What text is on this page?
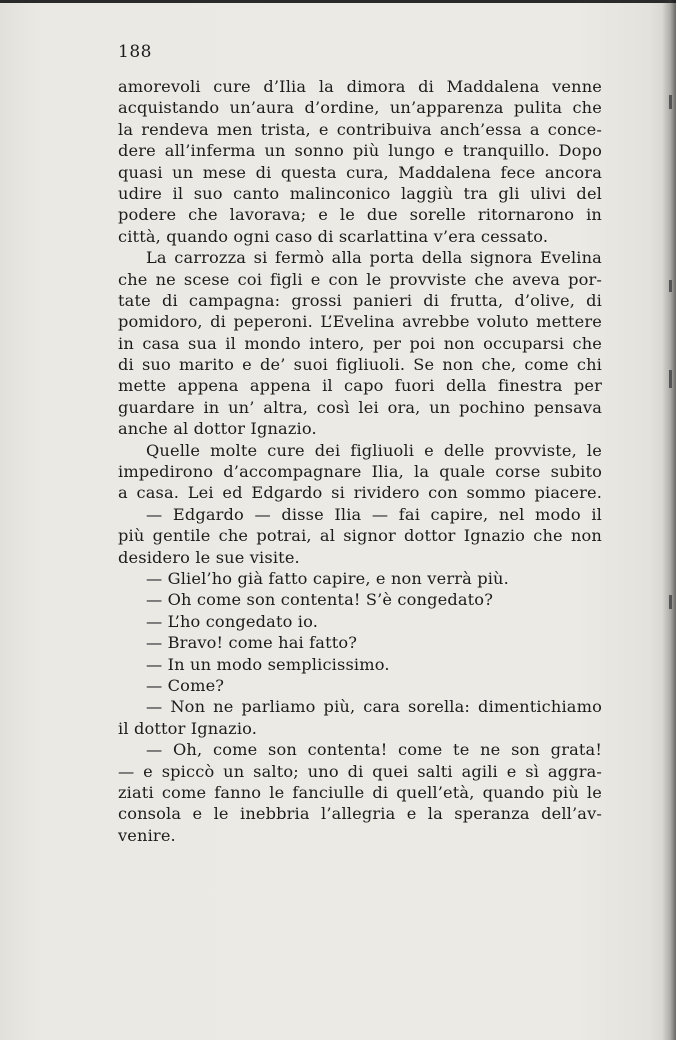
188
amorevoli cure d’Ilia la dimora di Maddalena venne
acquistando un’aura d’ordine, un’apparenza pulita che
la rendeva men trista, e contribuiva anch’essa a conce-
dere all’inferma un sonno più lungo e tranquillo. Dopo
quasi un mese di questa cura, Maddalena fece ancora
udire il suo canto malinconico laggiù tra gli ulivi del
podere che lavorava; e le due sorelle ritornarono in
città, quando ogni caso di scarlattina v’era cessato.
La carrozza si fermò alla porta della signora Evelina
che ne scese coi figli e con le provviste che aveva por-
tate di campagna: grossi panieri di frutta, d’olive, di
pomidoro, di peperoni. L’Evelina avrebbe voluto mettere
in casa sua il mondo intero, per poi non occuparsi che
di suo marito e de’ suoi figliuoli. Se non che, come chi
mette appena appena il capo fuori della finestra per
guardare in un’ altra, così lei ora, un pochino pensava
anche al dottor Ignazio.
Quelle molte cure dei figliuoli e delle provviste, le
impedirono d’accompagnare Ilia, la quale corse subito
a casa. Lei ed Edgardo si rividero con sommo piacere.
— Edgardo — disse Ilia — fai capire, nel modo il
più gentile che potrai, al signor dottor Ignazio che non
desidero le sue visite.
— Gliel’ho già fatto capire, e non verrà più.
— Oh come son contenta! S’è congedato?
— L’ho congedato io.
— Bravo! come hai fatto?
— In un modo semplicissimo.
— Come?
— Non ne parliamo più, cara sorella: dimentichiamo
il dottor Ignazio.
— Oh, come son contenta! come te ne son grata!
— e spiccò un salto; uno di quei salti agili e sì aggra-
ziati come fanno le fanciulle di quell’età, quando più le
consola e le inebbria l’allegria e la speranza dell’av-
venire.
